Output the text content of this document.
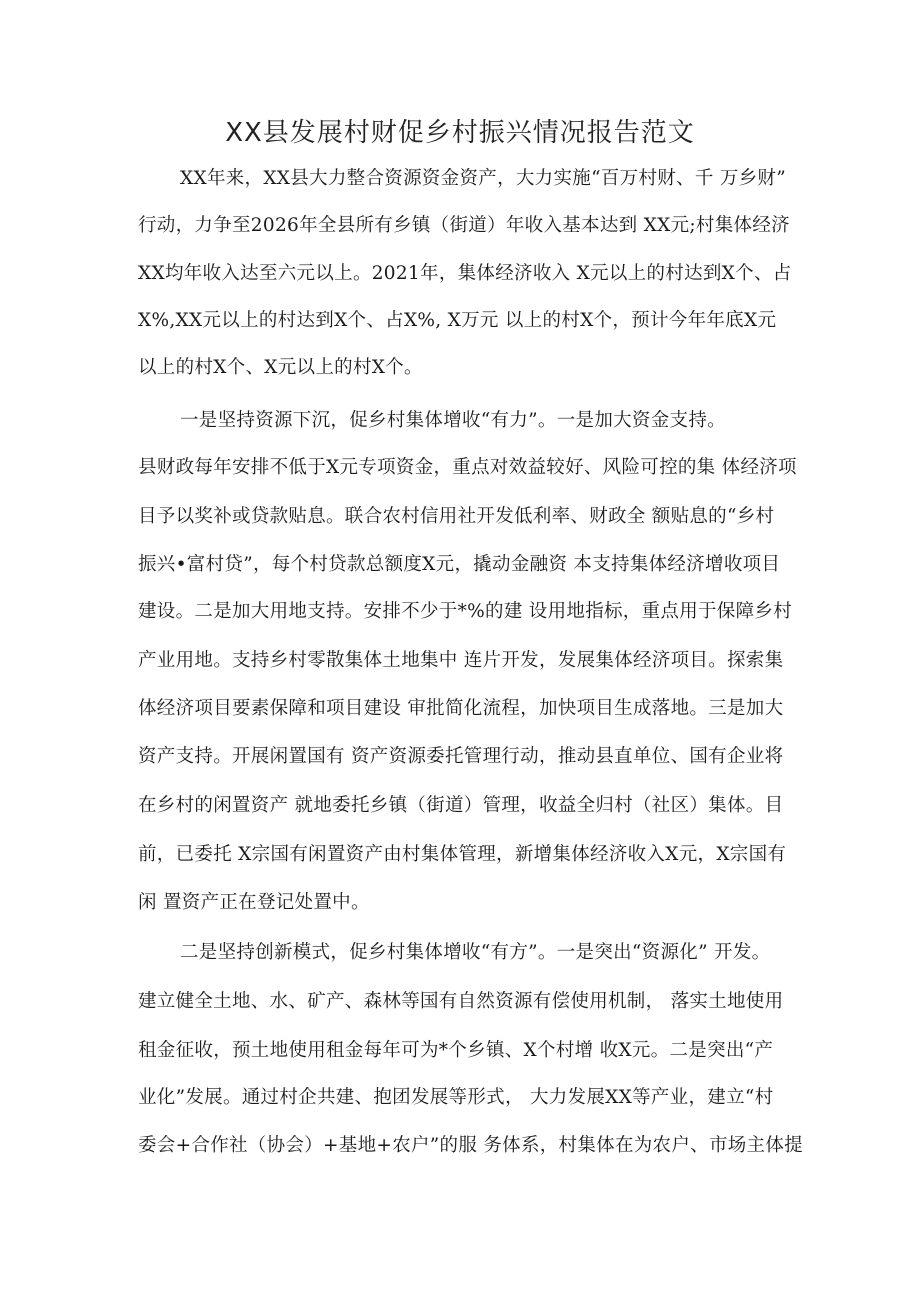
XX县发展村财促乡村振兴情况报告范文
XX年来，XX县大力整合资源资金资产，大力实施“百万村财、千 万乡财”
行动，力争至2026年全县所有乡镇（街道）年收入基本达到 XX元;村集体经济
XX均年收入达至六元以上。2021年，集体经济收入 X元以上的村达到X个、占
X%,XX元以上的村达到X个、占X%, X万元 以上的村X个，预计今年年底X元
以上的村X个、X元以上的村X个。
一是坚持资源下沉，促乡村集体增收“有力”。一是加大资金支持。
县财政每年安排不低于X元专项资金，重点对效益较好、风险可控的集 体经济项
目予以奖补或贷款贴息。联合农村信用社开发低利率、财政全 额贴息的“乡村
振兴•富村贷”，每个村贷款总额度X元，撬动金融资 本支持集体经济增收项目
建设。二是加大用地支持。安排不少于*%的建 设用地指标，重点用于保障乡村
产业用地。支持乡村零散集体土地集中 连片开发，发展集体经济项目。探索集
体经济项目要素保障和项目建设 审批简化流程，加快项目生成落地。三是加大
资产支持。开展闲置国有 资产资源委托管理行动，推动县直单位、国有企业将
在乡村的闲置资产 就地委托乡镇（街道）管理，收益全归村（社区）集体。目
前，已委托 X宗国有闲置资产由村集体管理，新增集体经济收入X元，X宗国有
闲 置资产正在登记处置中。
二是坚持创新模式，促乡村集体增收“有方”。一是突出“资源化” 开发。
建立健全土地、水、矿产、森林等国有自然资源有偿使用机制， 落实土地使用
租金征收，预土地使用租金每年可为*个乡镇、X个村增 收X元。二是突出“产
业化”发展。通过村企共建、抱团发展等形式， 大力发展XX等产业，建立“村
委会+合作社（协会）+基地+农户”的服 务体系，村集体在为农户、市场主体提
